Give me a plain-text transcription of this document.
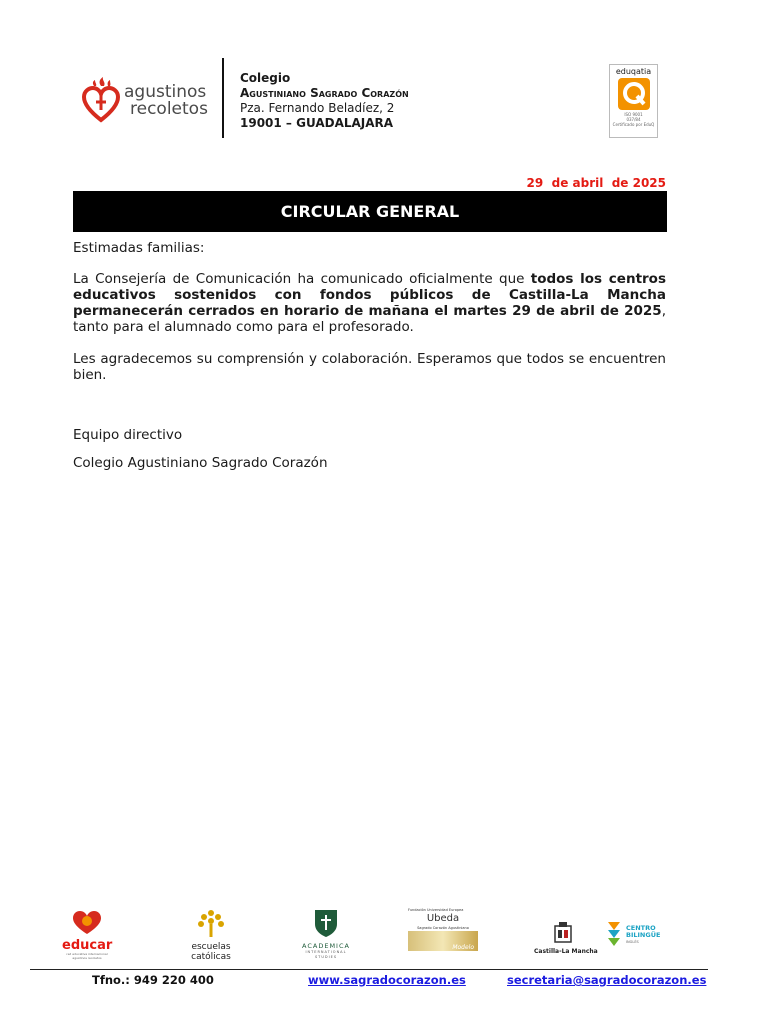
agustinos
recoletos
Colegio
Agustiniano Sagrado Corazón
Pza. Fernando Beladíez, 2
19001 – GUADALAJARA
eduqatia
ISO 9001
037/84
Certificado por EduQ
29  de abril  de 2025
CIRCULAR GENERAL
Estimadas familias:
La Consejería de Comunicación ha comunicado oficialmente que todos los centros educativos sostenidos con fondos públicos de Castilla-La Mancha permanecerán cerrados en horario de mañana el martes 29 de abril de 2025, tanto para el alumnado como para el profesorado.
Les agradecemos su comprensión y colaboración. Esperamos que todos se encuentren bien.
Equipo directivo
Colegio Agustiniano Sagrado Corazón
educar
red educativa internacional agustinos recoletos
escuelas
católicas
ACADEMICA
INTERNATIONAL
STUDIES
Fundación Universidad Europea
Ubeda
Sagrado Corazón Agustiniano
Modelo
Castilla-La Mancha
CENTRO
BILINGÜE
INGLÉS
Tfno.: 949 220 400	www.sagradocorazon.es	secretaria@sagradocorazon.es
